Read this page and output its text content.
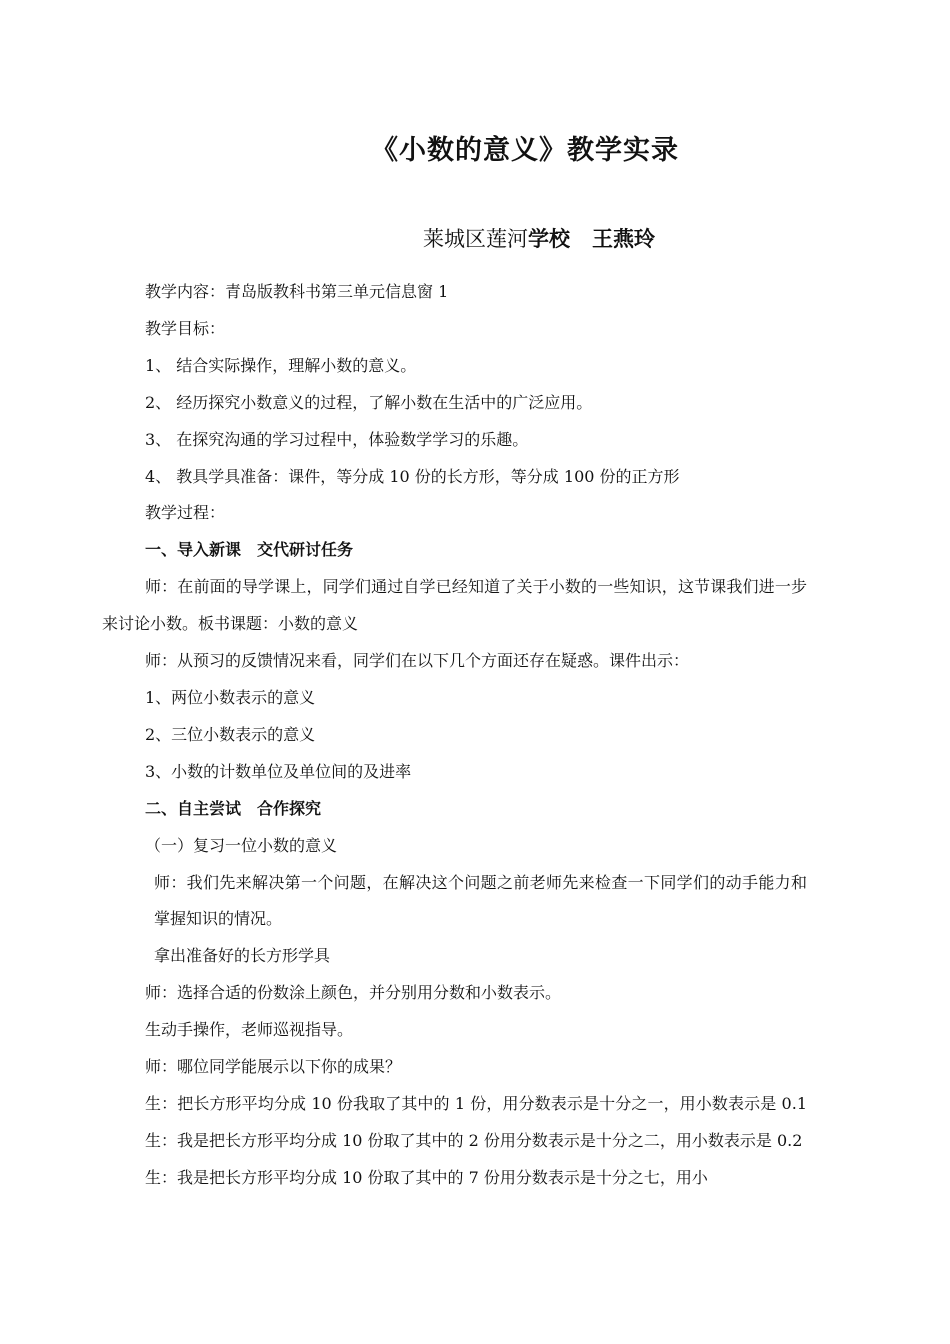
《小数的意义》教学实录
莱城区莲河学校 王燕玲

教学内容：青岛版教科书第三单元信息窗 1

教学目标：

1、 结合实际操作，理解小数的意义。

2、 经历探究小数意义的过程，了解小数在生活中的广泛应用。

3、 在探究沟通的学习过程中，体验数学学习的乐趣。

4、 教具学具准备：课件，等分成 10 份的长方形，等分成 100 份的正方形

教学过程：

一、导入新课　交代研讨任务

师：在前面的导学课上，同学们通过自学已经知道了关于小数的一些知识，这节课我们进一步来讨论小数。板书课题：小数的意义

师：从预习的反馈情况来看，同学们在以下几个方面还存在疑惑。课件出示：

1、两位小数表示的意义

2、三位小数表示的意义

3、小数的计数单位及单位间的及进率

二、自主尝试　合作探究

（一）复习一位小数的意义

师：我们先来解决第一个问题，在解决这个问题之前老师先来检查一下同学们的动手能力和掌握知识的情况。

拿出准备好的长方形学具

师：选择合适的份数涂上颜色，并分别用分数和小数表示。

生动手操作，老师巡视指导。

师：哪位同学能展示以下你的成果？

生：把长方形平均分成 10 份我取了其中的 1 份，用分数表示是十分之一，用小数表示是 0.1 生：我是把长方形平均分成 10 份取了其中的 2 份用分数表示是十分之二，用小数表示是 0.2

生：我是把长方形平均分成 10 份取了其中的 7 份用分数表示是十分之七，用小
